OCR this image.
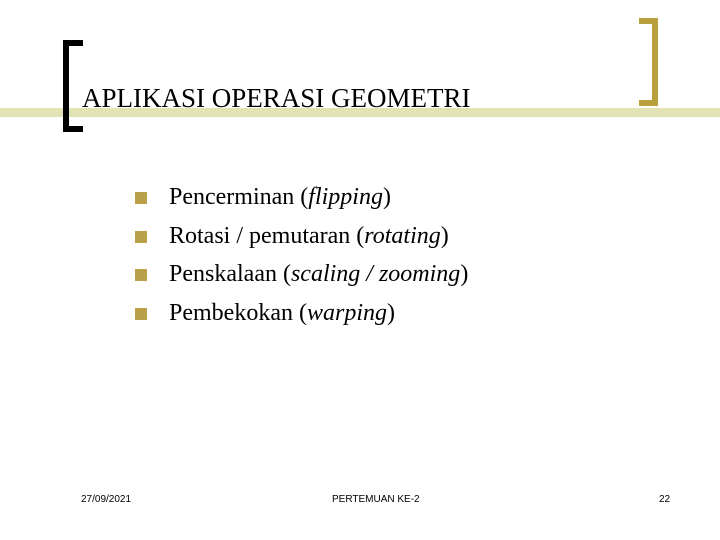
APLIKASI OPERASI GEOMETRI
Pencerminan (flipping)
Rotasi / pemutaran (rotating)
Penskalaan (scaling / zooming)
Pembekokan (warping)
27/09/2021	PERTEMUAN KE-2	22
